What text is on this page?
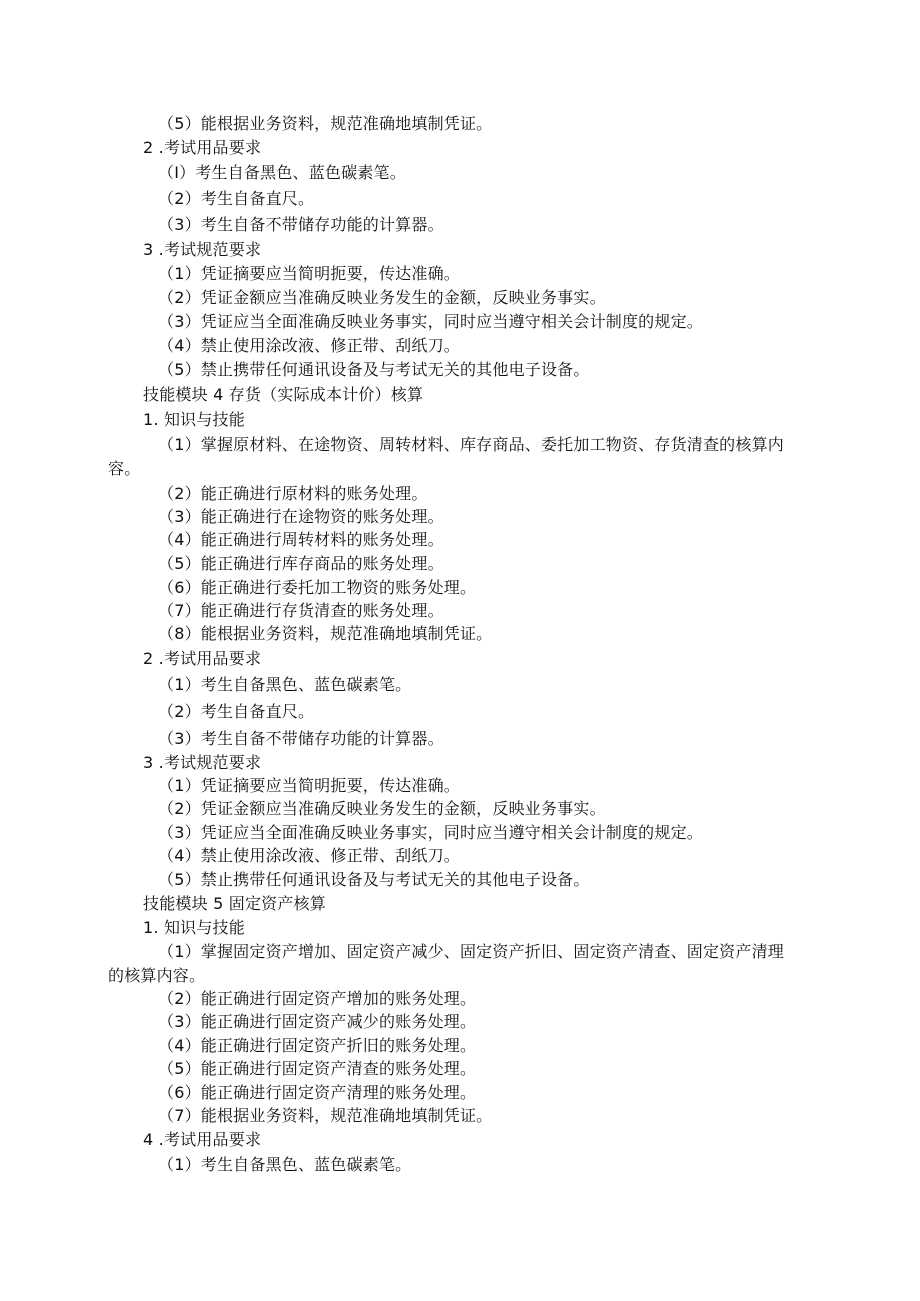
（5）能根据业务资料，规范准确地填制凭证。
2 .考试用品要求
（I）考生自备黑色、蓝色碳素笔。
（2）考生自备直尺。
（3）考生自备不带储存功能的计算器。
3 .考试规范要求
（1）凭证摘要应当简明扼要，传达准确。
（2）凭证金额应当准确反映业务发生的金额，反映业务事实。
（3）凭证应当全面准确反映业务事实，同时应当遵守相关会计制度的规定。
（4）禁止使用涂改液、修正带、刮纸刀。
（5）禁止携带任何通讯设备及与考试无关的其他电子设备。
技能模块 4 存货（实际成本计价）核算
1. 知识与技能
（1）掌握原材料、在途物资、周转材料、库存商品、委托加工物资、存货清查的核算内容。
（2）能正确进行原材料的账务处理。
（3）能正确进行在途物资的账务处理。
（4）能正确进行周转材料的账务处理。
（5）能正确进行库存商品的账务处理。
（6）能正确进行委托加工物资的账务处理。
（7）能正确进行存货清查的账务处理。
（8）能根据业务资料，规范准确地填制凭证。
2 .考试用品要求
（1）考生自备黑色、蓝色碳素笔。
（2）考生自备直尺。
（3）考生自备不带储存功能的计算器。
3 .考试规范要求
（1）凭证摘要应当简明扼要，传达准确。
（2）凭证金额应当准确反映业务发生的金额，反映业务事实。
（3）凭证应当全面准确反映业务事实，同时应当遵守相关会计制度的规定。
（4）禁止使用涂改液、修正带、刮纸刀。
（5）禁止携带任何通讯设备及与考试无关的其他电子设备。
技能模块 5 固定资产核算
1. 知识与技能
（1）掌握固定资产增加、固定资产减少、固定资产折旧、固定资产清查、固定资产清理的核算内容。
（2）能正确进行固定资产增加的账务处理。
（3）能正确进行固定资产减少的账务处理。
（4）能正确进行固定资产折旧的账务处理。
（5）能正确进行固定资产清查的账务处理。
（6）能正确进行固定资产清理的账务处理。
（7）能根据业务资料，规范准确地填制凭证。
4 .考试用品要求
（1）考生自备黑色、蓝色碳素笔。
